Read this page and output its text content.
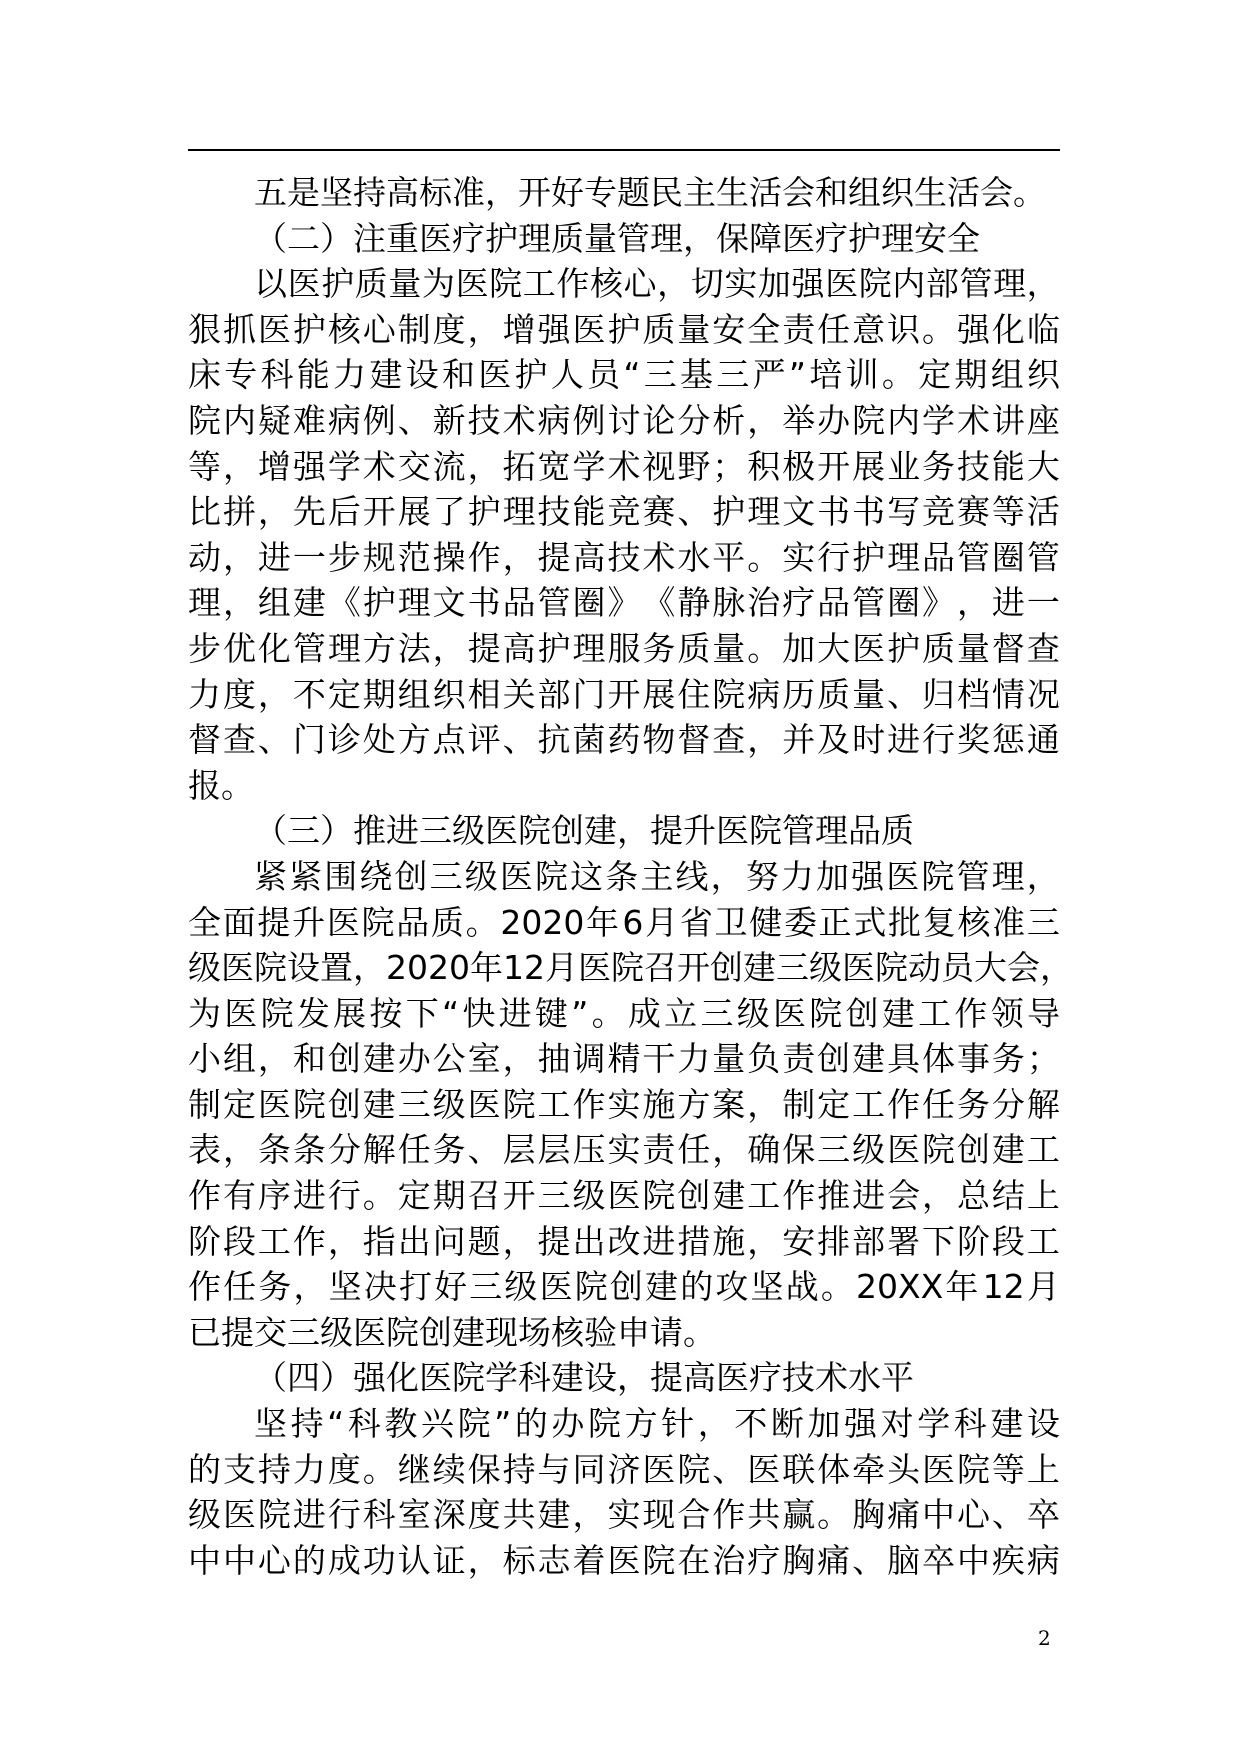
五是坚持高标准，开好专题民主生活会和组织生活会。
（二）注重医疗护理质量管理，保障医疗护理安全
以 医 护 质 量 为 医 院 工 作 核 心 ， 切 实 加 强 医 院 内 部 管 理 ，
狠 抓 医 护 核 心 制 度 ， 增 强 医 护 质 量 安 全 责 任 意 识 。 强 化 临
床 专 科 能 力 建 设 和 医 护 人 员 “ 三 基 三 严 ” 培 训 。 定 期 组 织
院 内 疑 难 病 例 、 新 技 术 病 例 讨 论 分 析 ， 举 办 院 内 学 术 讲 座
等 ， 增 强 学 术 交 流 ， 拓 宽 学 术 视 野 ； 积 极 开 展 业 务 技 能 大
比 拼 ， 先 后 开 展 了 护 理 技 能 竞 赛 、 护 理 文 书 书 写 竞 赛 等 活
动 ， 进 一 步 规 范 操 作 ， 提 高 技 术 水 平 。 实 行 护 理 品 管 圈 管
理 ， 组 建 《 护 理 文 书 品 管 圈 》 《 静 脉 治 疗 品 管 圈 》 ， 进 一
步 优 化 管 理 方 法 ， 提 高 护 理 服 务 质 量 。 加 大 医 护 质 量 督 查
力 度 ， 不 定 期 组 织 相 关 部 门 开 展 住 院 病 历 质 量 、 归 档 情 况
督 查 、 门 诊 处 方 点 评 、 抗 菌 药 物 督 查 ， 并 及 时 进 行 奖 惩 通
报。
（三）推进三级医院创建，提升医院管理品质
紧 紧 围 绕 创 三 级 医 院 这 条 主 线 ， 努 力 加 强 医 院 管 理 ，
全 面 提 升 医 院 品 质 。 2020 年 6 月 省 卫 健 委 正 式 批 复 核 准 三
级 医 院 设 置 ， 2020 年 12 月 医 院 召 开 创 建 三 级 医 院 动 员 大 会 ，
为 医 院 发 展 按 下 “ 快 进 键 ” 。 成 立 三 级 医 院 创 建 工 作 领 导
小 组 ， 和 创 建 办 公 室 ， 抽 调 精 干 力 量 负 责 创 建 具 体 事 务 ；
制 定 医 院 创 建 三 级 医 院 工 作 实 施 方 案 ， 制 定 工 作 任 务 分 解
表 ， 条 条 分 解 任 务 、 层 层 压 实 责 任 ， 确 保 三 级 医 院 创 建 工
作 有 序 进 行 。 定 期 召 开 三 级 医 院 创 建 工 作 推 进 会 ， 总 结 上
阶 段 工 作 ， 指 出 问 题 ， 提 出 改 进 措 施 ， 安 排 部 署 下 阶 段 工
作 任 务 ， 坚 决 打 好 三 级 医 院 创 建 的 攻 坚 战 。 20XX 年 12 月
已提交三级医院创建现场核验申请。
（四）强化医院学科建设，提高医疗技术水平
坚 持 “ 科 教 兴 院 ” 的 办 院 方 针 ， 不 断 加 强 对 学 科 建 设
的 支 持 力 度 。 继 续 保 持 与 同 济 医 院 、 医 联 体 牵 头 医 院 等 上
级 医 院 进 行 科 室 深 度 共 建 ， 实 现 合 作 共 赢 。 胸 痛 中 心 、 卒
中 中 心 的 成 功 认 证 ， 标 志 着 医 院 在 治 疗 胸 痛 、 脑 卒 中 疾 病
2
